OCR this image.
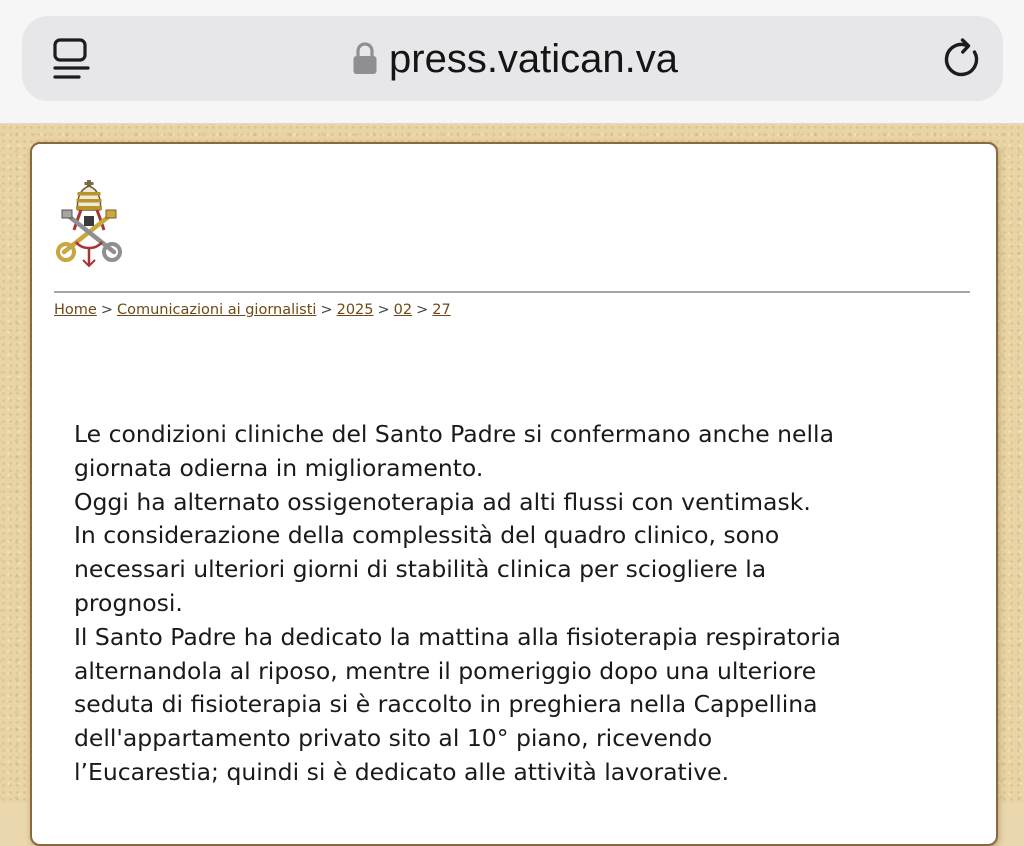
press.vatican.va
Home > Comunicazioni ai giornalisti > 2025 > 02 > 27

Le condizioni cliniche del Santo Padre si confermano anche nella

giornata odierna in miglioramento.

Oggi ha alternato ossigenoterapia ad alti flussi con ventimask.

In considerazione della complessità del quadro clinico, sono

necessari ulteriori giorni di stabilità clinica per sciogliere la

prognosi.

Il Santo Padre ha dedicato la mattina alla fisioterapia respiratoria

alternandola al riposo, mentre il pomeriggio dopo una ulteriore

seduta di fisioterapia si è raccolto in preghiera nella Cappellina

dell'appartamento privato sito al 10° piano, ricevendo

l’Eucarestia; quindi si è dedicato alle attività lavorative.
